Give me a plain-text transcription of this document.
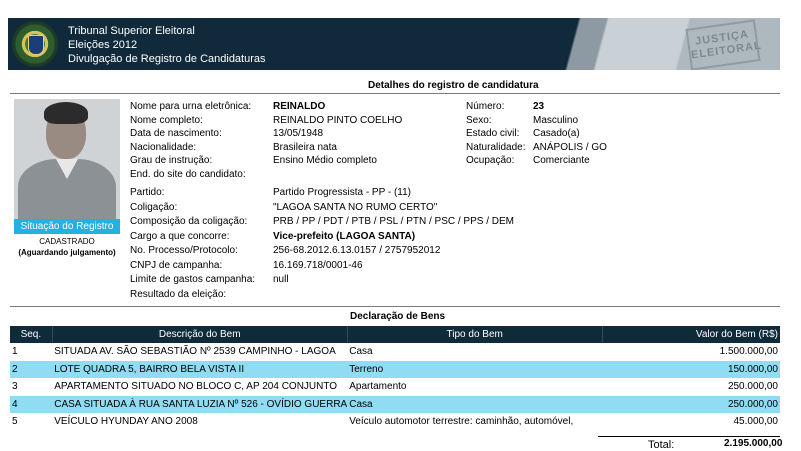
Tribunal Superior Eleitoral
Eleições 2012
Divulgação de Registro de Candidaturas
JUSTIÇA ELEITORAL
Detalhes do registro de candidatura
Situação do Registro
CADASTRADO
(Aguardando julgamento)
Nome para urna eletrônica: REINALDO
Nome completo:	REINALDO PINTO COELHO
Data de nascimento:	13/05/1948
Nacionalidade:	Brasileira nata
Grau de instrução:	Ensino Médio completo
End. do site do candidato:
Número:	23
Sexo:	Masculino
Estado civil: Casado(a)
Naturalidade: ANÁPOLIS / GO
Ocupação: Comerciante
Partido:	Partido Progressista - PP - (11)
Coligação:	"LAGOA SANTA NO RUMO CERTO"
Composição da coligação:	PRB / PP / PDT / PTB / PSL / PTN / PSC / PPS / DEM
Cargo a que concorre:	Vice-prefeito (LAGOA SANTA)
No. Processo/Protocolo:	256-68.2012.6.13.0157 / 2757952012
CNPJ de campanha:	16.169.718/0001-46
Limite de gastos campanha: null
Resultado da eleição:
Declaração de Bens
Seq.	Descrição do Bem	Tipo do Bem	Valor do Bem (R$)
1	SITUADA AV. SÃO SEBASTIÃO Nº 2539 CAMPINHO - LAGOA	Casa	1.500.000,00
2	LOTE QUADRA 5, BAIRRO BELA VISTA II	Terreno	150.000,00
3	APARTAMENTO SITUADO NO BLOCO C, AP 204 CONJUNTO	Apartamento	250.000,00
4	CASA SITUADA À RUA SANTA LUZIA Nº 526 - OVÍDIO GUERRA	Casa	250.000,00
5	VEÍCULO HYUNDAY ANO 2008	Veículo automotor terrestre: caminhão, automóvel,	45.000,00
Total:	2.195.000,00
